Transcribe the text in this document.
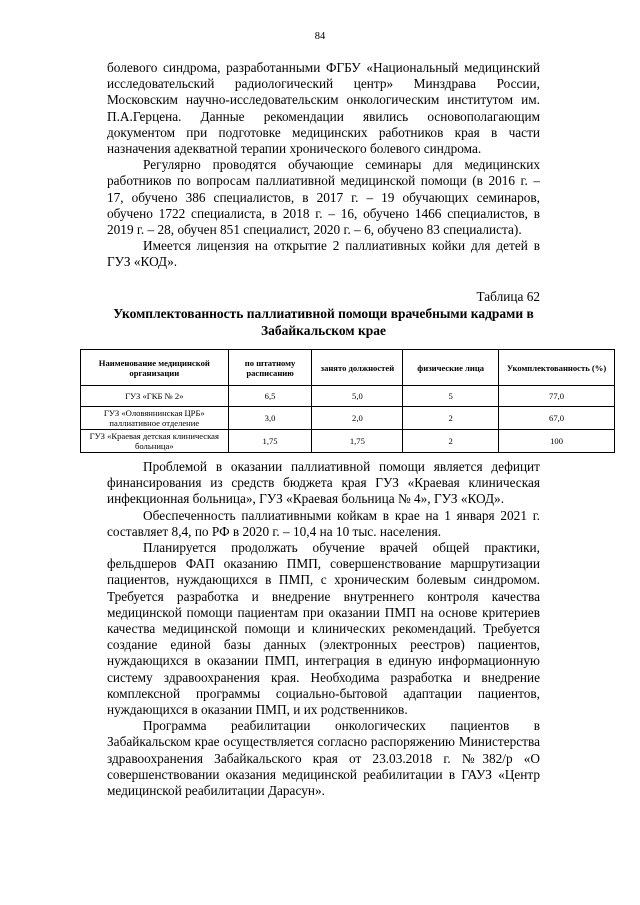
84

болевого синдрома, разработанными ФГБУ «Национальный медицинский исследовательский радиологический центр» Минздрава России, Московским научно-исследовательским онкологическим институтом им. П.А.Герцена. Данные рекомендации явились основополагающим документом при подготовке медицинских работников края в части назначения адекватной терапии хронического болевого синдрома.

Регулярно проводятся обучающие семинары для медицинских работников по вопросам паллиативной медицинской помощи (в 2016 г. – 17, обучено 386 специалистов, в 2017 г. – 19 обучающих семинаров, обучено 1722 специалиста, в 2018 г. – 16, обучено 1466 специалистов, в 2019 г. – 28, обучен 851 специалист, 2020 г. – 6, обучено 83 специалиста).

Имеется лицензия на открытие 2 паллиативных койки для детей в ГУЗ «КОД».

Таблица 62
Укомплектованность паллиативной помощи врачебными кадрами в Забайкальском крае
Наименование медицинской организации	по штатному расписанию	занято должностей	физические лица	Укомплектованность (%)
ГУЗ «ГКБ № 2»	6,5	5,0	5	77,0
ГУЗ «Оловяннинская ЦРБ» паллиативное отделение	3,0	2,0	2	67,0
ГУЗ «Краевая детская клиническая больница»	1,75	1,75	2	100

Проблемой в оказании паллиативной помощи является дефицит финансирования из средств бюджета края ГУЗ «Краевая клиническая инфекционная больница», ГУЗ «Краевая больница № 4», ГУЗ «КОД».

Обеспеченность паллиативными койкам в крае на 1 января 2021 г. составляет 8,4, по РФ в 2020 г. – 10,4 на 10 тыс. населения.

Планируется продолжать обучение врачей общей практики, фельдшеров ФАП оказанию ПМП, совершенствование маршрутизации пациентов, нуждающихся в ПМП, с хроническим болевым синдромом. Требуется разработка и внедрение внутреннего контроля качества медицинской помощи пациентам при оказании ПМП на основе критериев качества медицинской помощи и клинических рекомендаций. Требуется создание единой базы данных (электронных реестров) пациентов, нуждающихся в оказании ПМП, интеграция в единую информационную систему здравоохранения края. Необходима разработка и внедрение комплексной программы социально-бытовой адаптации пациентов, нуждающихся в оказании ПМП, и их родственников.

Программа реабилитации онкологических пациентов в Забайкальском крае осуществляется согласно распоряжению Министерства здравоохранения Забайкальского края от 23.03.2018 г. №382/р «О совершенствовании оказания медицинской реабилитации в ГАУЗ «Центр медицинской реабилитации Дарасун».
